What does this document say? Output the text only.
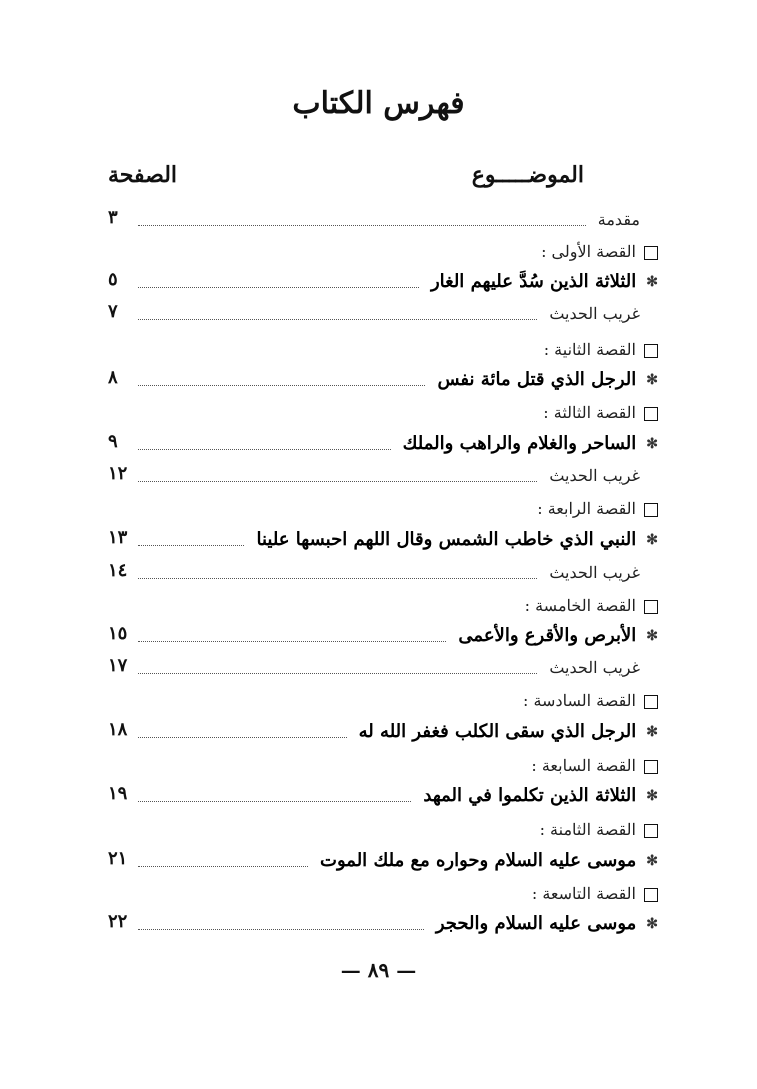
فهرس الكتاب
الموضـــــوع
الصفحة
مقدمة
٣
القصة الأولى :
✻الثلاثة الذين سُدَّ عليهم الغار
٥
غريب الحديث
٧
القصة الثانية :
✻الرجل الذي قتل مائة نفس
٨
القصة الثالثة :
✻الساحر والغلام والراهب والملك
٩
غريب الحديث
١٢
القصة الرابعة :
✻النبي الذي خاطب الشمس وقال اللهم احبسها علينا
١٣
غريب الحديث
١٤
القصة الخامسة :
✻الأبرص والأقرع والأعمى
١٥
غريب الحديث
١٧
القصة السادسة :
✻الرجل الذي سقى الكلب فغفر الله له
١٨
القصة السابعة :
✻الثلاثة الذين تكلموا في المهد
١٩
القصة الثامنة :
✻موسى عليه السلام وحواره مع ملك الموت
٢١
القصة التاسعة :
✻موسى عليه السلام والحجر
٢٢
— ٨٩ —
